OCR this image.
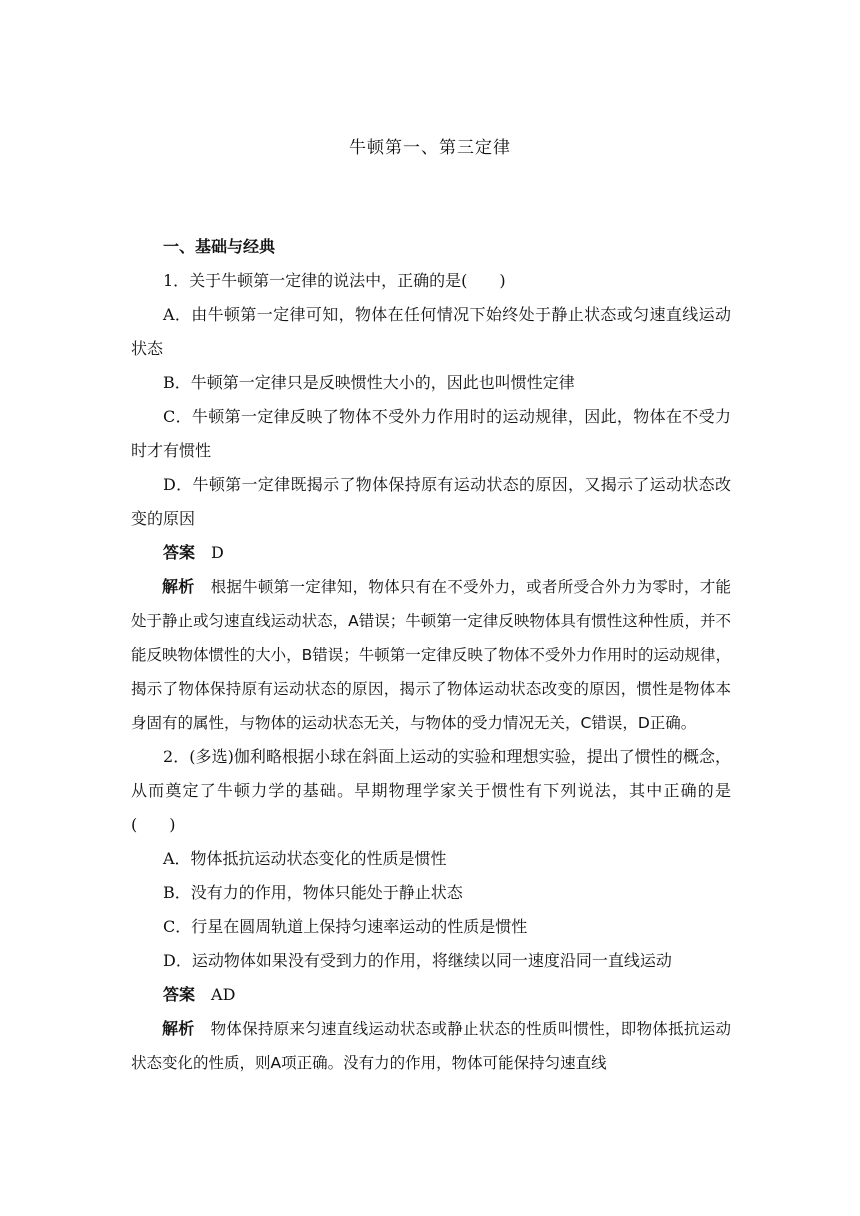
牛顿第一、第三定律

一、基础与经典

1．关于牛顿第一定律的说法中，正确的是(　　)

A．由牛顿第一定律可知，物体在任何情况下始终处于静止状态或匀速直线运动状态

B．牛顿第一定律只是反映惯性大小的，因此也叫惯性定律

C．牛顿第一定律反映了物体不受外力作用时的运动规律，因此，物体在不受力时才有惯性

D．牛顿第一定律既揭示了物体保持原有运动状态的原因，又揭示了运动状态改变的原因

答案 D

解析 根据牛顿第一定律知，物体只有在不受外力，或者所受合外力为零时，才能处于静止或匀速直线运动状态，A错误；牛顿第一定律反映物体具有惯性这种性质，并不能反映物体惯性的大小，B错误；牛顿第一定律反映了物体不受外力作用时的运动规律，揭示了物体保持原有运动状态的原因，揭示了物体运动状态改变的原因，惯性是物体本身固有的属性，与物体的运动状态无关，与物体的受力情况无关，C错误，D正确。

2．(多选)伽利略根据小球在斜面上运动的实验和理想实验，提出了惯性的概念，从而奠定了牛顿力学的基础。早期物理学家关于惯性有下列说法，其中正确的是 (　　)

A．物体抵抗运动状态变化的性质是惯性

B．没有力的作用，物体只能处于静止状态

C．行星在圆周轨道上保持匀速率运动的性质是惯性

D．运动物体如果没有受到力的作用，将继续以同一速度沿同一直线运动

答案 AD

解析 物体保持原来匀速直线运动状态或静止状态的性质叫惯性，即物体抵抗运动状态变化的性质，则A项正确。没有力的作用，物体可能保持匀速直线
